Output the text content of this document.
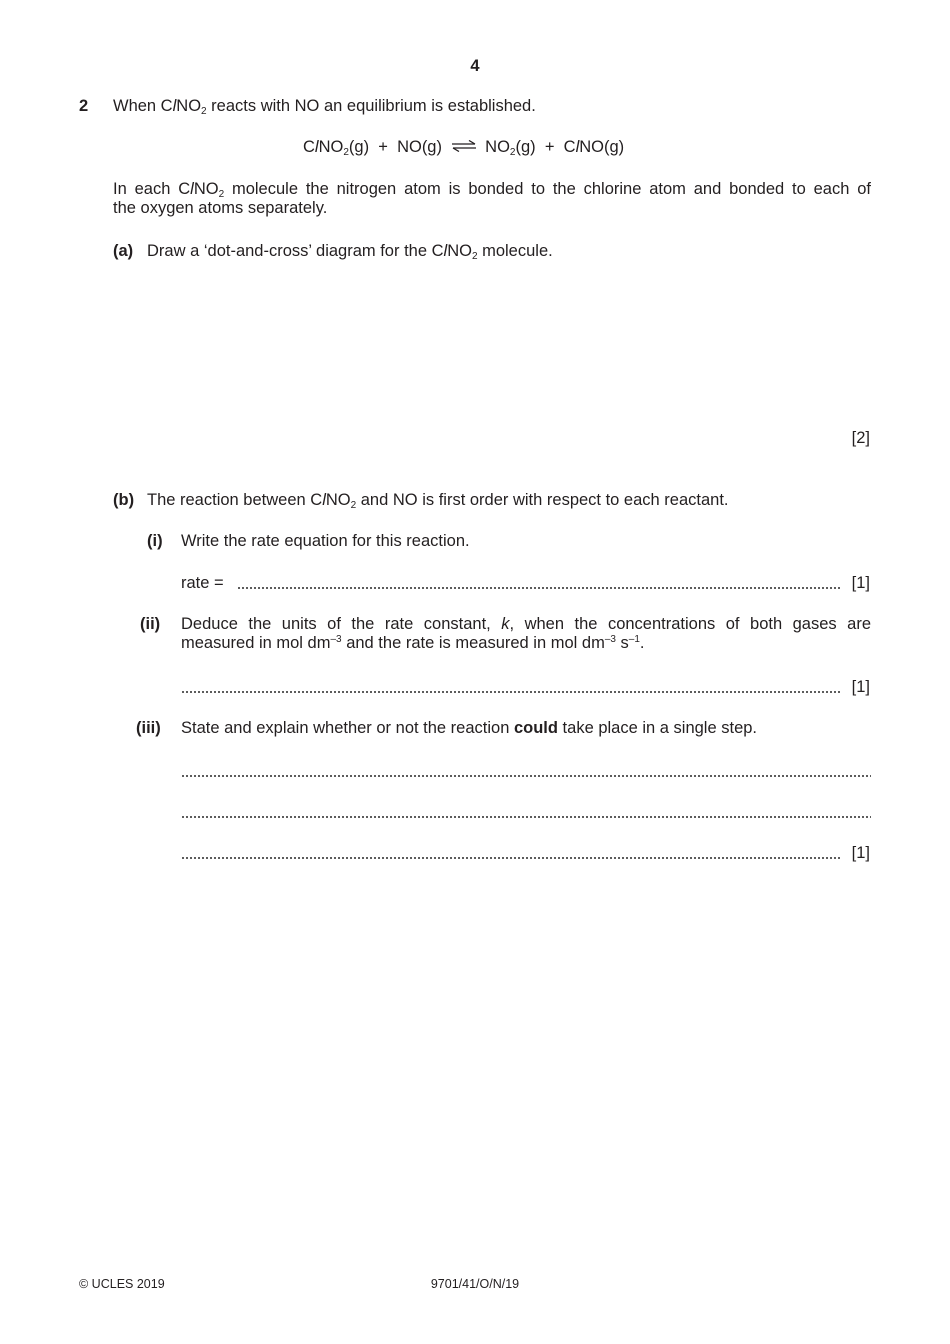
4
2 When ClNO$_2$ reacts with NO an equilibrium is established.
ClNO$_2$(g) + NO(g) ⇌ $NO_2(g)$ + ClNO(g)
In each ClNO$_2$ molecule the nitrogen atom is bonded to the chlorine atom and bonded to each of
the oxygen atoms separately.
(a) Draw a ‘dot-and-cross’ diagram for the ClNO$_2$ molecule.
[2]
(b) The reaction between ClNO$_2$ and NO is first order with respect to each reactant.
(i) Write the rate equation for this reaction.
rate =	[1]
(ii) Deduce the units of the rate constant, k, when the concentrations of both gases are
measured in mol $dm^{-3}$ and the rate is measured in mol $dm^{-3}$ $s^{-1}$.
[1]
(iii) State and explain whether or not the reaction could take place in a single step.
[1]
© UCLES 2019	9701/41/O/N/19
